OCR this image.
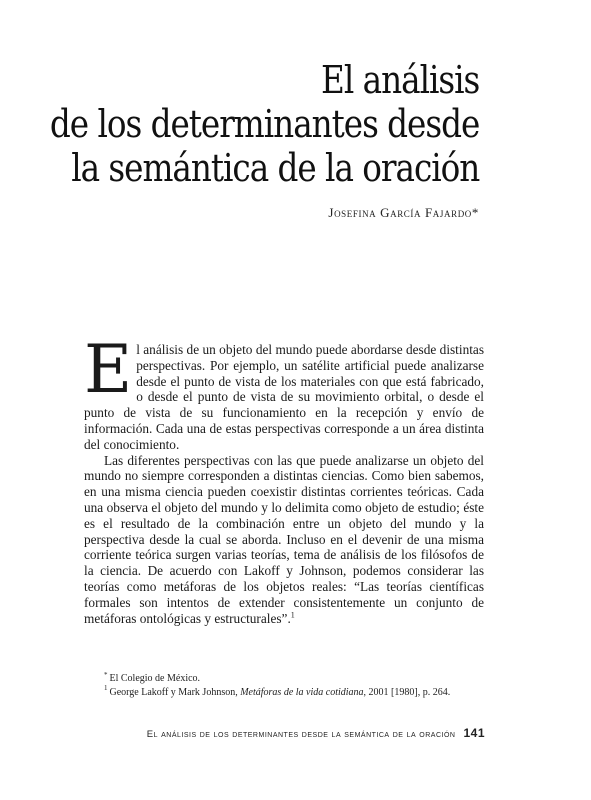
El análisis
de los determinantes desde
la semántica de la oración
Josefina García Fajardo*

El análisis de un objeto del mundo puede abordarse desde distintas perspectivas. Por ejemplo, un satélite artificial puede analizarse desde el punto de vista de los materiales con que está fabricado, o desde el punto de vista de su movimiento orbital, o desde el punto de vista de su funcionamiento en la recepción y envío de información. Cada una de estas perspectivas corresponde a un área distinta del conocimiento.

Las diferentes perspectivas con las que puede analizarse un objeto del mundo no siempre corresponden a distintas ciencias. Como bien sabemos, en una misma ciencia pueden coexistir distintas corrientes teóricas. Cada una observa el objeto del mundo y lo delimita como objeto de estudio; éste es el resultado de la combinación entre un objeto del mundo y la perspectiva desde la cual se aborda. Incluso en el devenir de una misma corriente teórica surgen varias teorías, tema de análisis de los filósofos de la ciencia. De acuerdo con Lakoff y Johnson, podemos considerar las teorías como metáforas de los objetos reales: “Las teorías científicas formales son intentos de extender consistentemente un conjunto de metáforas ontológicas y estructurales”.$^1$

* El Colegio de México.
$^1$ George Lakoff y Mark Johnson, Metáforas de la vida cotidiana, 2001 [1980], p. 264.
El análisis de los determinantes desde la semántica de la oración 141
